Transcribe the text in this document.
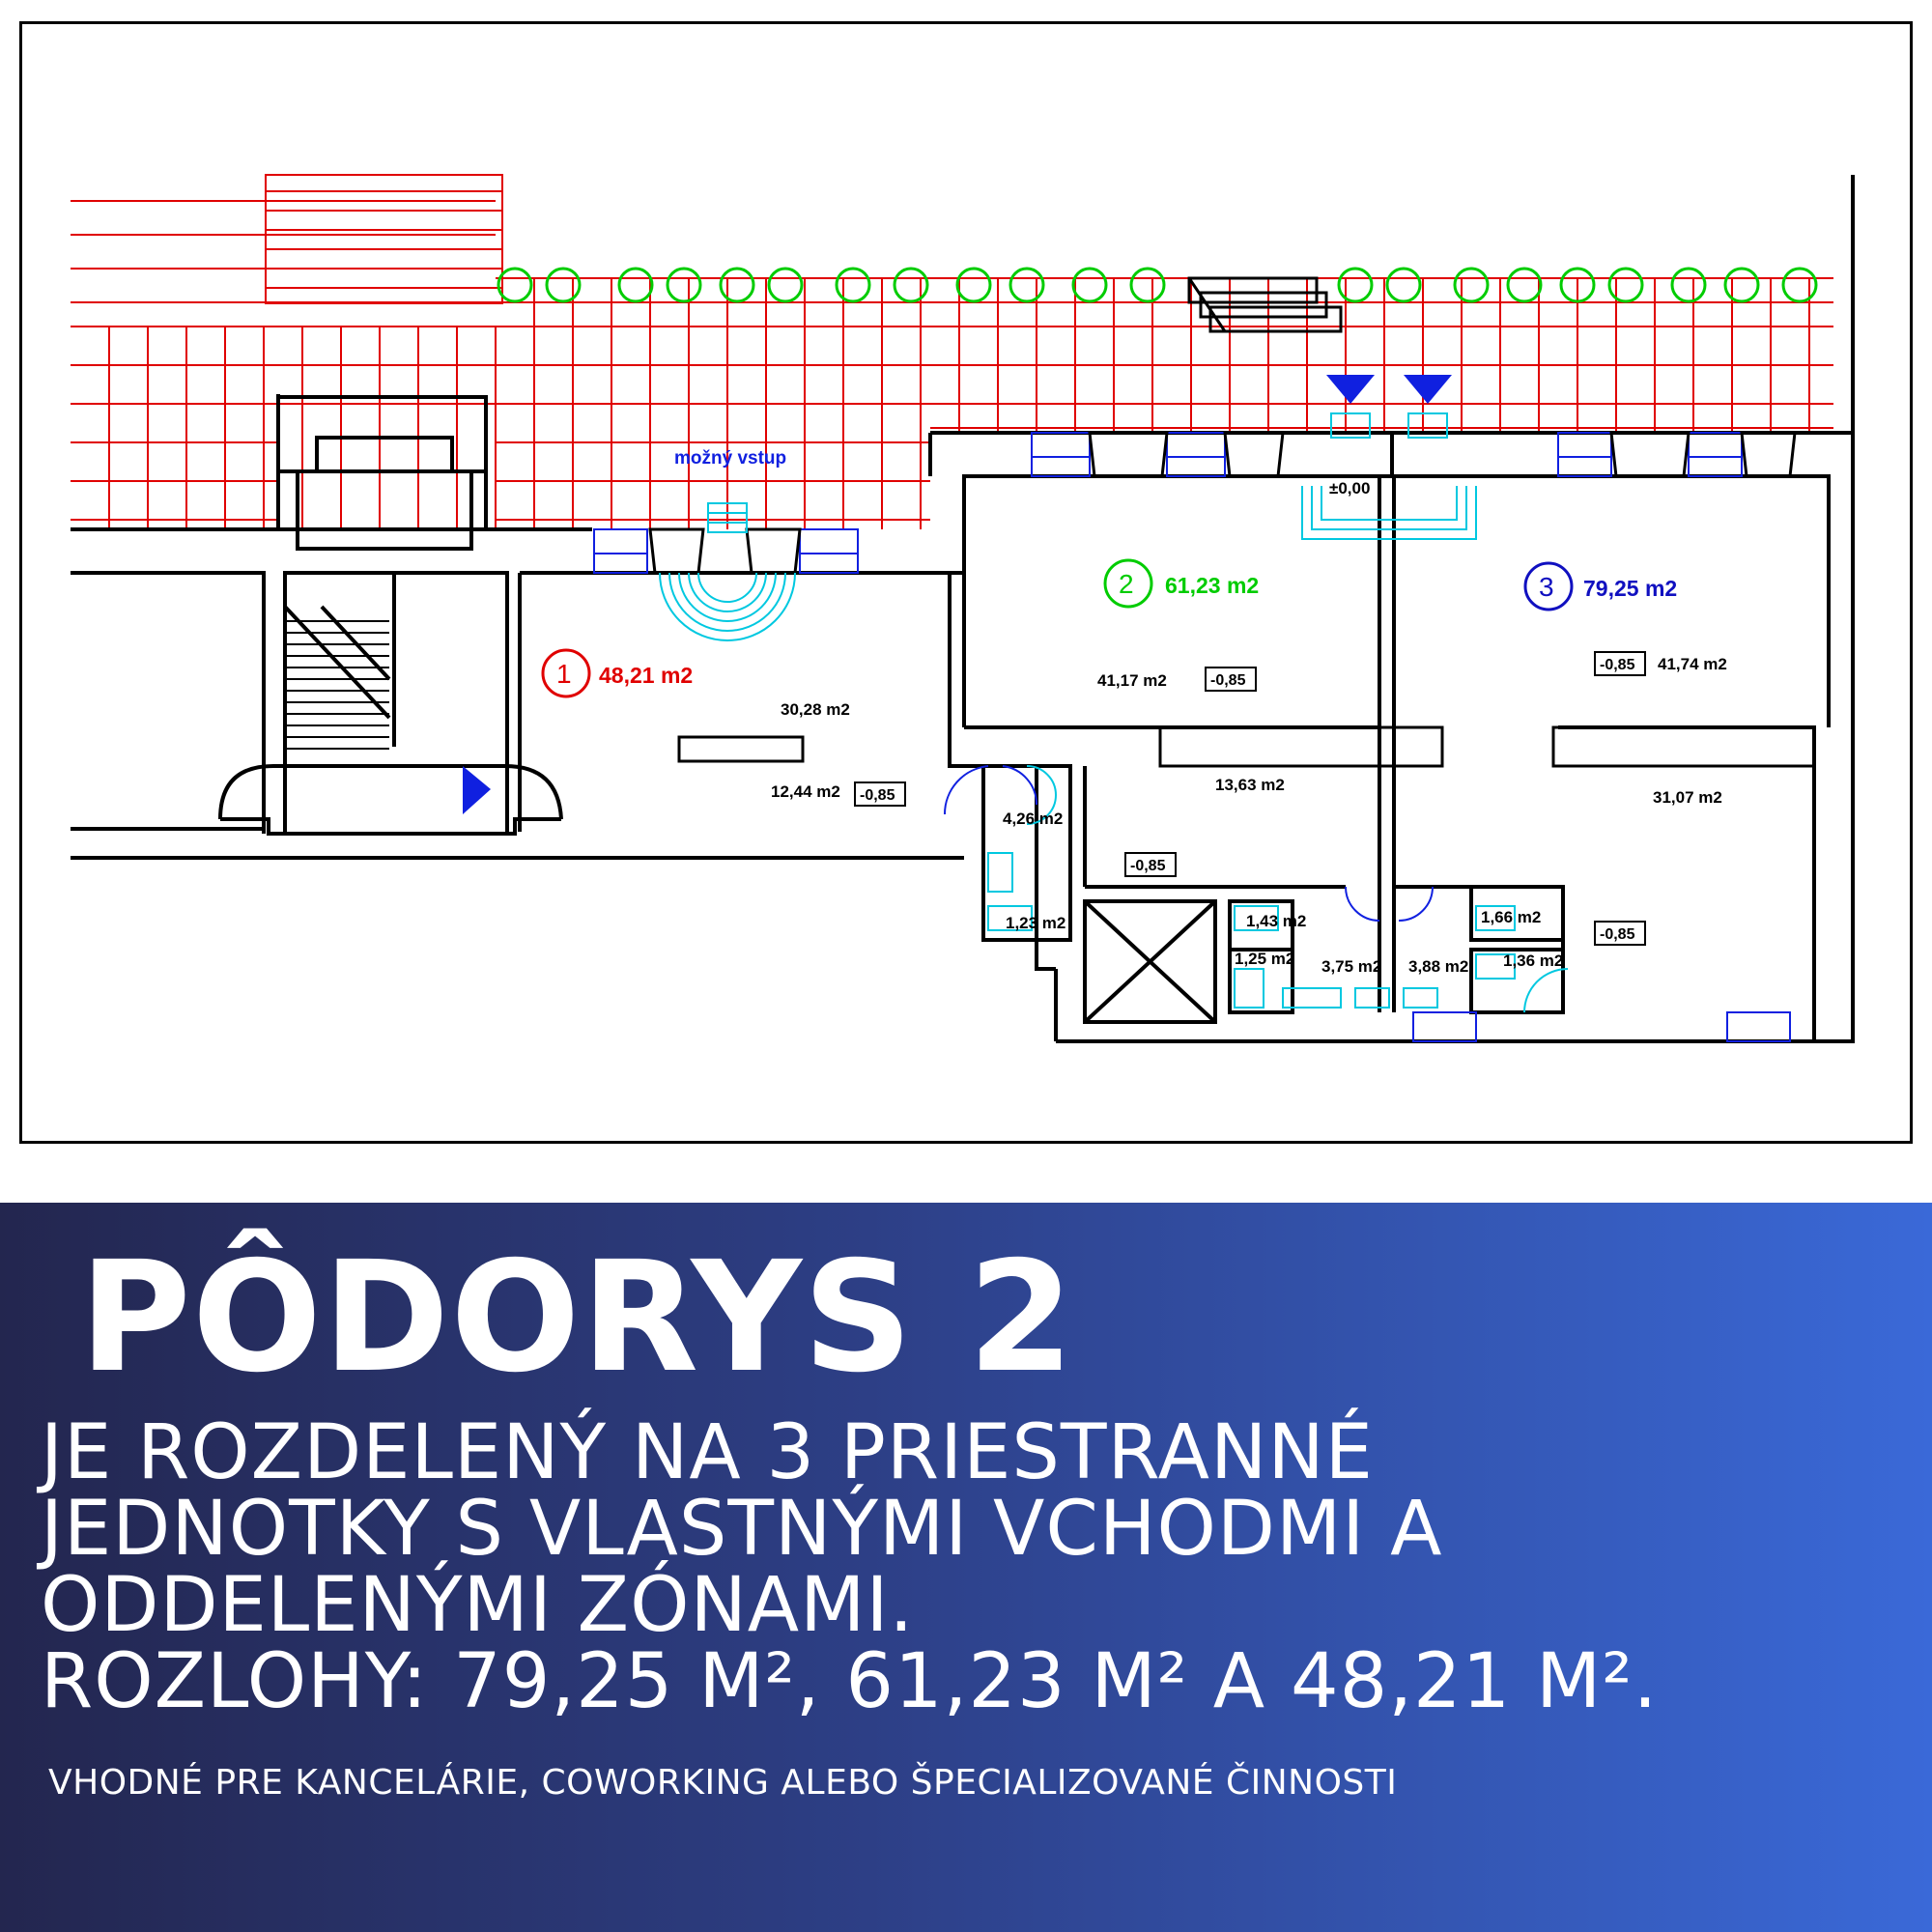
30,28 m2
12,44 m2
4,26 m2
1,23 m2
41,17 m2
13,63 m2
1,43 m2
1,25 m2 3,75 m2 3,88 m2
1,66 m2
1,36 m2
41,74 m2
31,07 m2
±0,00
-0,85
-0,85
-0,85
-0,85
-0,85
možný vstup
1 48,21 m2
2 61,23 m2	3 79,25 m2
PÔDORYS 2
JE ROZDELENÝ NA 3 PRIESTRANNÉ
JEDNOTKY S VLASTNÝMI VCHODMI A
ODDELENÝMI ZÓNAMI.
ROZLOHY: 79,25 M², 61,23 M² A 48,21 M².
VHODNÉ PRE KANCELÁRIE, COWORKING ALEBO ŠPECIALIZOVANÉ ČINNOSTI
